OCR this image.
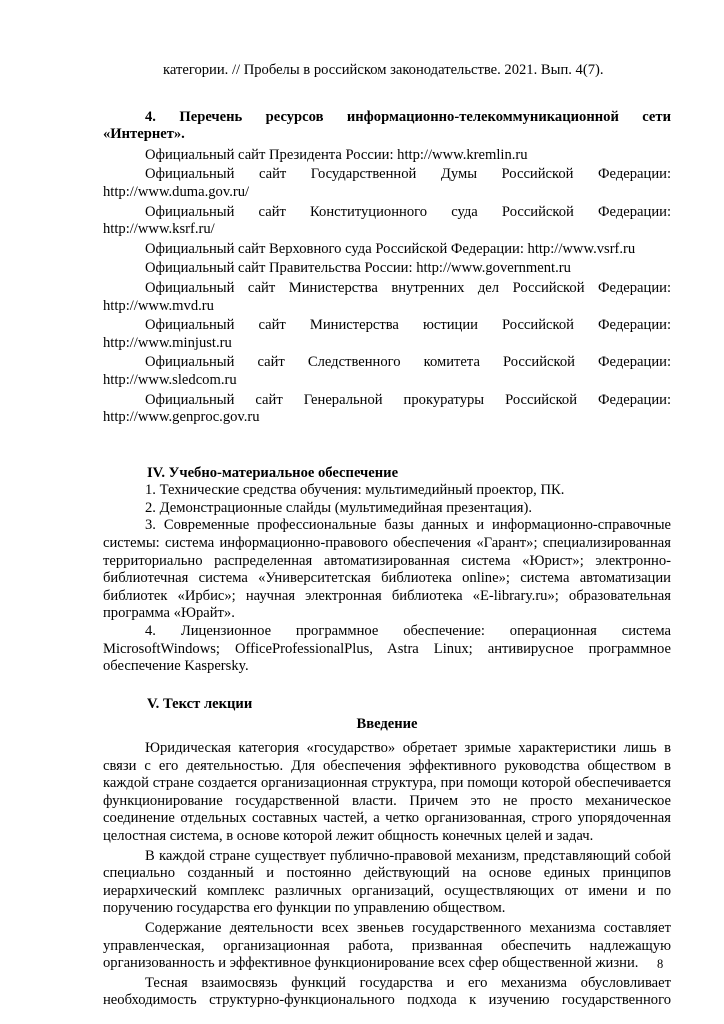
категории. // Пробелы в российском законодательстве. 2021. Вып. 4(7).

4. Перечень ресурсов информационно-телекоммуникационной сети «Интернет».

Официальный сайт Президента России: http://www.kremlin.ru

Официальный сайт Государственной Думы Российской Федерации: http://www.duma.gov.ru/

Официальный сайт Конституционного суда Российской Федерации: http://www.ksrf.ru/

Официальный сайт Верховного суда Российской Федерации: http://www.vsrf.ru

Официальный сайт Правительства России: http://www.government.ru

Официальный сайт Министерства внутренних дел Российской Федерации: http://www.mvd.ru

Официальный сайт Министерства юстиции Российской Федерации: http://www.minjust.ru

Официальный сайт Следственного комитета Российской Федерации: http://www.sledcom.ru

Официальный сайт Генеральной прокуратуры Российской Федерации: http://www.genproc.gov.ru

IV. Учебно-материальное обеспечение

1. Технические средства обучения: мультимедийный проектор, ПК.

2. Демонстрационные слайды (мультимедийная презентация).

3. Современные профессиональные базы данных и информационно-справочные системы: система информационно-правового обеспечения «Гарант»; специализированная территориально распределенная автоматизированная система «Юрист»; электронно-библиотечная система «Университетская библиотека online»; система автоматизации библиотек «Ирбис»; научная электронная библиотека «E-library.ru»; образовательная программа «Юрайт».

4. Лицензионное программное обеспечение: операционная система MicrosoftWindows; OfficeProfessionalPlus, Astra Linux; антивирусное программное обеспечение Kaspersky.

V. Текст лекции

Введение

Юридическая категория «государство» обретает зримые характеристики лишь в связи с его деятельностью. Для обеспечения эффективного руководства обществом в каждой стране создается организационная структура, при помощи которой обеспечивается функционирование государственной власти. Причем это не просто механическое соединение отдельных составных частей, а четко организованная, строго упорядоченная целостная система, в основе которой лежит общность конечных целей и задач.

В каждой стране существует публично-правовой механизм, представляющий собой специально созданный и постоянно действующий на основе единых принципов иерархический комплекс различных организаций, осуществляющих от имени и по поручению государства его функции по управлению обществом.

Содержание деятельности всех звеньев государственного механизма составляет управленческая, организационная работа, призванная обеспечить надлежащую организованность и эффективное функционирование всех сфер общественной жизни.

Тесная взаимосвязь функций государства и его механизма обусловливает необходимость структурно-функционального подхода к изучению государственного

8
